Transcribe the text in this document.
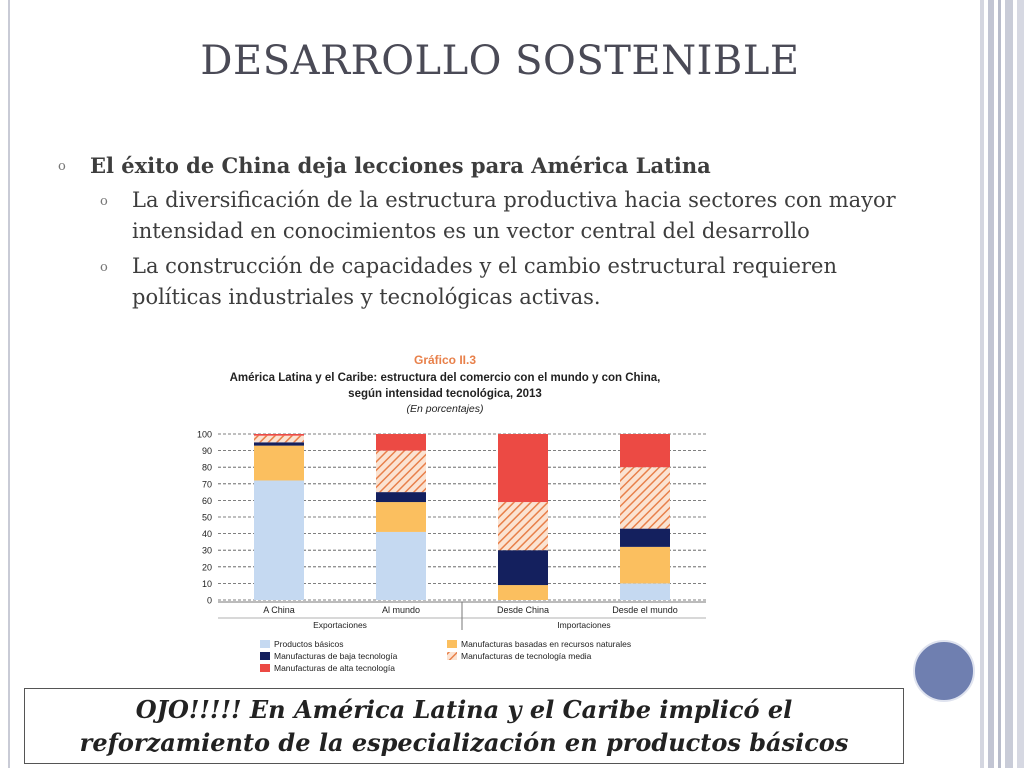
DESARROLLO SOSTENIBLE
o El éxito de China deja lecciones para América Latina
o La diversificación de la estructura productiva hacia sectores con mayor intensidad en conocimientos es un vector central del desarrollo
o La construcción de capacidades y el cambio estructural requieren políticas industriales y tecnológicas activas.
Gráfico II.3
América Latina y el Caribe: estructura del comercio con el mundo y con China,
según intensidad tecnológica, 2013
(En porcentajes)
0
10
20
30
40
50
60
70
80
90
100
A China	Al mundo	Desde China	Desde el mundo
Exportaciones	Importaciones
Productos básicos
Manufacturas de baja tecnología
Manufacturas de alta tecnología
Manufacturas basadas en recursos naturales
Manufacturas de tecnología media
OJO!!!!! En América Latina y el Caribe implicó el
reforzamiento de la especialización en productos básicos
